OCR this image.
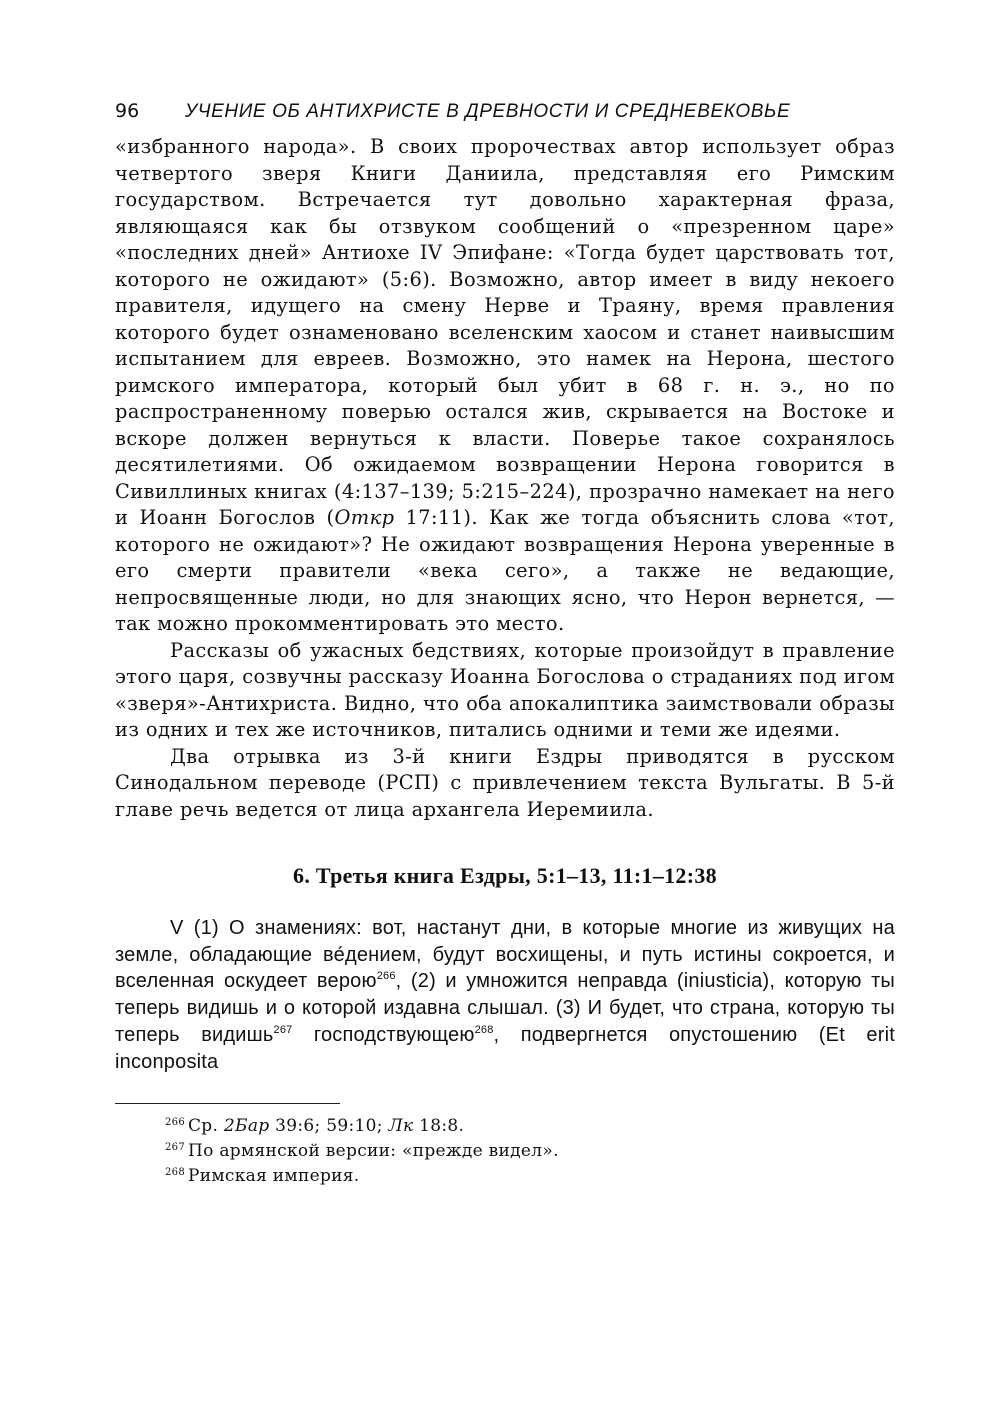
96	УЧЕНИЕ ОБ АНТИХРИСТЕ В ДРЕВНОСТИ И СРЕДНЕВЕКОВЬЕ

«избранного народа». В своих пророчествах автор использует образ четвертого зверя Книги Даниила, представляя его Римским государством. Встречается тут довольно характерная фраза, являющаяся как бы отзвуком сообщений о «презренном царе» «последних дней» Антиохе IV Эпифане: «Тогда будет царствовать тот, которого не ожидают» (5:6). Возможно, автор имеет в виду некоего правителя, идущего на смену Нерве и Траяну, время правления которого будет ознаменовано вселенским хаосом и станет наивысшим испытанием для евреев. Возможно, это намек на Нерона, шестого римского императора, который был убит в 68 г. н. э., но по распространенному поверью остался жив, скрывается на Востоке и вскоре должен вернуться к власти. Поверье такое сохранялось десятилетиями. Об ожидаемом возвращении Нерона говорится в Сивиллиных книгах (4:137–139; 5:215–224), прозрачно намекает на него и Иоанн Богослов (Откр 17:11). Как же тогда объяснить слова «тот, которого не ожидают»? Не ожидают возвращения Нерона уверенные в его смерти правители «века сего», а также не ведающие, непросвященные люди, но для знающих ясно, что Нерон вернется, — так можно прокомментировать это место.

Рассказы об ужасных бедствиях, которые произойдут в правление этого царя, созвучны рассказу Иоанна Богослова о страданиях под игом «зверя»-Антихриста. Видно, что оба апокалиптика заимствовали образы из одних и тех же источников, питались одними и теми же идеями.

Два отрывка из 3-й книги Ездры приводятся в русском Синодальном переводе (РСП) с привлечением текста Вульгаты. В 5-й главе речь ведется от лица архангела Иеремиила.

6. Третья книга Ездры, 5:1–13, 11:1–12:38

V (1) О знамениях: вот, настанут дни, в которые многие из живущих на земле, обладающие ве́дением, будут восхищены, и путь истины сокроется, и вселенная оскудеет верою$^{266}$, (2) и умножится неправда (iniusticia), которую ты теперь видишь и о которой издавна слышал. (3) И будет, что страна, которую ты теперь видишь$^{267}$ господствующею$^{268}$, подвергнется опустошению (Et erit inconposita

$^{266}$ Ср. 2Бар 39:6; 59:10; Лк 18:8.
$^{267}$ По армянской версии: «прежде видел».
$^{268}$ Римская империя.
